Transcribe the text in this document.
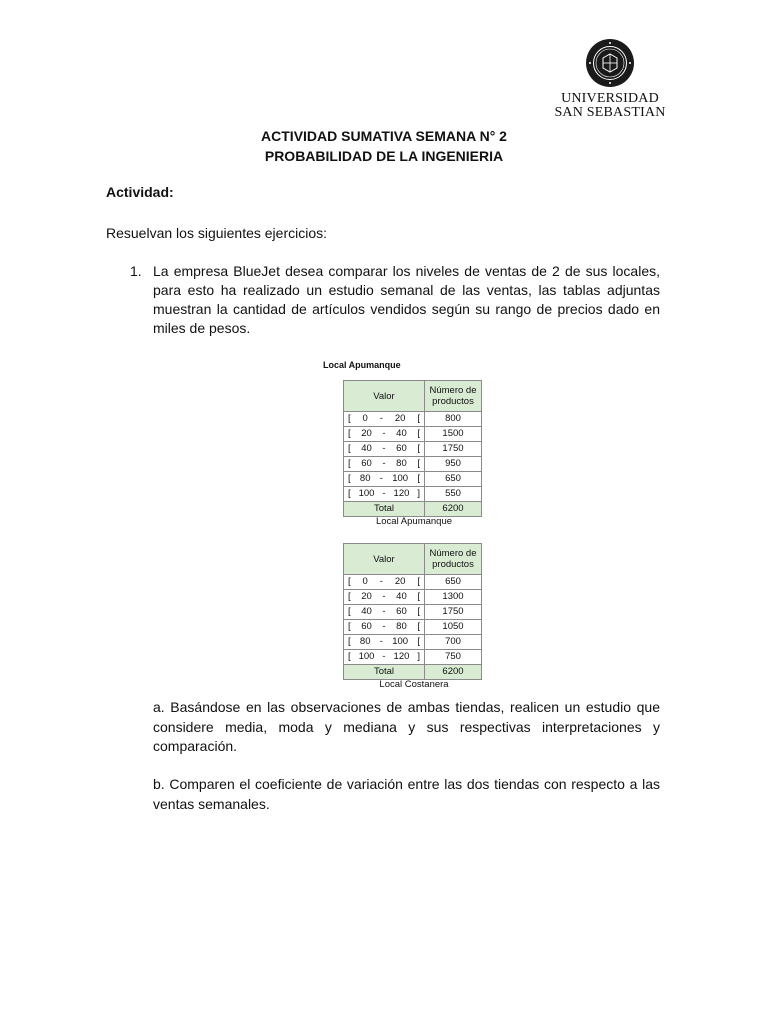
UNIVERSIDAD
SAN SEBASTIAN
ACTIVIDAD SUMATIVA SEMANA N° 2
PROBABILIDAD DE LA INGENIERIA
Actividad:
Resuelvan los siguientes ejercicios:
1. La empresa BlueJet desea comparar los niveles de ventas de 2 de sus locales, para esto ha realizado un estudio semanal de las ventas, las tablas adjuntas muestran la cantidad de artículos vendidos según su rango de precios dado en miles de pesos.
Local Apumanque
Valor	Número de productos

[ 0 - 20 [	800

[ 20 - 40 [	1500

[ 40 - 60 [	1750

[ 60 - 80 [	950

[ 80 - 100 [	650

[ 100 - 120 ]	550
Total	6200
Local Apumanque
Valor	Número de productos

[ 0 - 20 [	650

[ 20 - 40 [	1300

[ 40 - 60 [	1750

[ 60 - 80 [	1050

[ 80 - 100 [	700

[ 100 - 120 ]	750
Total	6200
Local Costanera
a. Basándose en las observaciones de ambas tiendas, realicen un estudio que considere media, moda y mediana y sus respectivas interpretaciones y comparación.
b. Comparen el coeficiente de variación entre las dos tiendas con respecto a las ventas semanales.
